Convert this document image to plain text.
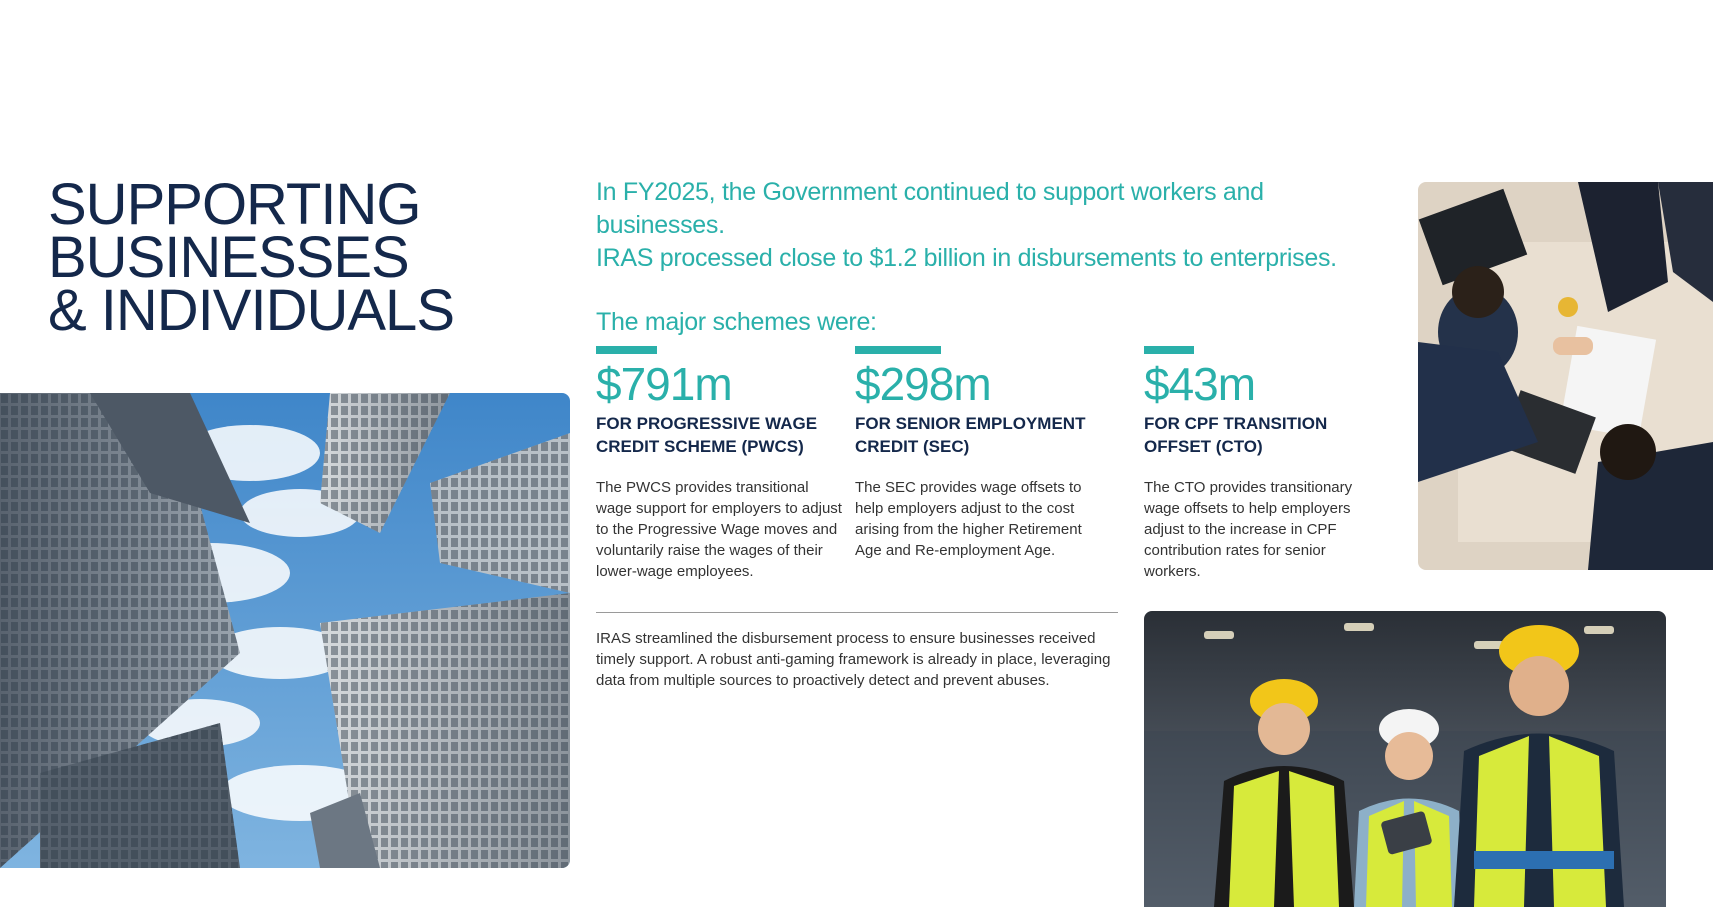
SUPPORTING
BUSINESSES
& INDIVIDUALS

In FY2025, the Government continued to support workers and businesses.

IRAS processed close to $1.2 billion in disbursements to enterprises.

The major schemes were:

$791m
FOR PROGRESSIVE WAGE CREDIT SCHEME (PWCS)
The PWCS provides transitional wage support for employers to adjust to the Progressive Wage moves and voluntarily raise the wages of their lower-wage employees.
$298m
FOR SENIOR EMPLOYMENT CREDIT (SEC)
The SEC provides wage offsets to help employers adjust to the cost arising from the higher Retirement Age and Re-employment Age.
$43m
FOR CPF TRANSITION OFFSET (CTO)
The CTO provides transitionary wage offsets to help employers adjust to the increase in CPF contribution rates for senior workers.
IRAS streamlined the disbursement process to ensure businesses received timely support. A robust anti-gaming framework is already in place, leveraging data from multiple sources to proactively detect and prevent abuses.
